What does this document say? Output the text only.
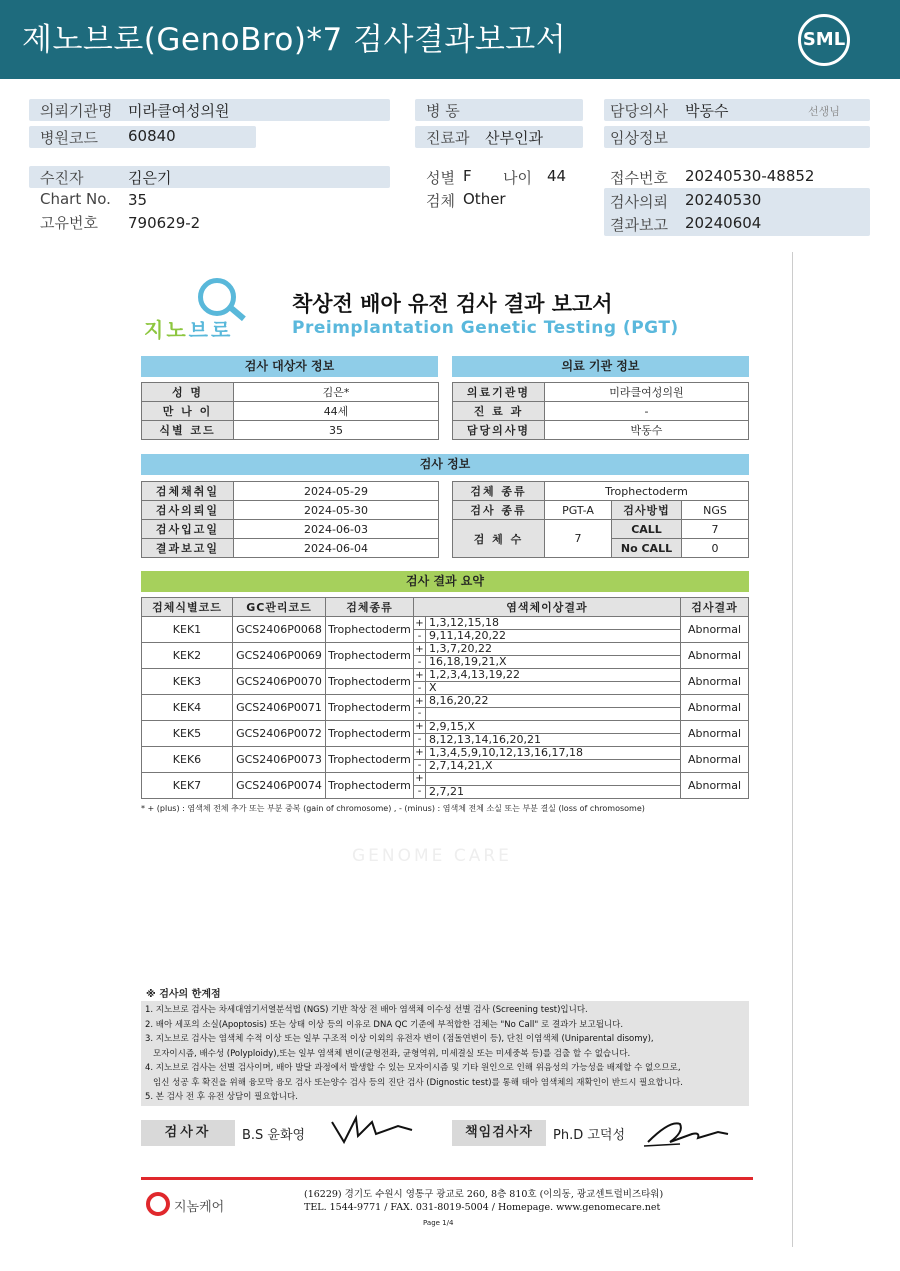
제노브로(GenoBro)*7 검사결과보고서	SML
의뢰기관명 미라클여성의원
병원코드 60840
병 동
진료과 산부인과
담당의사 박동수	선생님
임상정보
수진자	김은기
Chart No. 35
고유번호 790629-2
성별 F 나이 44
검체 Other
접수번호 20240530-48852
검사의뢰 20240530
결과보고 20240604
지노브로
착상전 배아 유전 검사 결과 보고서
Preimplantation Genetic Testing (PGT)
검사 대상자 정보
성 명	김은*
만 나 이	44세
식별 코드	35
의료 기관 정보
의료기관명	미라클여성의원
진 료 과	-
담당의사명	박동수
검사 정보
검체채취일	2024-05-29
검사의뢰일	2024-05-30
검사입고일	2024-06-03
결과보고일	2024-06-04
검체 종류	Trophectoderm		
검사 종류	PGT-A	검사방법	NGS
검 체 수	7	CALL	7
		No CALL	0
검사 결과 요약
검체식별코드	GC관리코드	검체종류	염색체이상결과		검사결과
KEK1	GCS2406P0068	Trophectoderm	+	1,3,12,15,18	Abnormal
			-	9,11,14,20,22	
KEK2	GCS2406P0069	Trophectoderm	+	1,3,7,20,22	Abnormal
			-	16,18,19,21,X	
KEK3	GCS2406P0070	Trophectoderm	+	1,2,3,4,13,19,22	Abnormal
			-	X	
KEK4	GCS2406P0071	Trophectoderm	+	8,16,20,22	Abnormal
			-		
KEK5	GCS2406P0072	Trophectoderm	+	2,9,15,X	Abnormal
			-	8,12,13,14,16,20,21	
KEK6	GCS2406P0073	Trophectoderm	+	1,3,4,5,9,10,12,13,16,17,18	Abnormal
			-	2,7,14,21,X	
KEK7	GCS2406P0074	Trophectoderm	+		Abnormal
			-	2,7,21	
* + (plus) : 염색체 전체 추가 또는 부분 중복 (gain of chromosome) , - (minus) : 염색체 전체 소실 또는 부분 결실 (loss of chromosome)
GENOME CARE
※ 검사의 한계점
1. 지노브로 검사는 차세대염기서열분석법 (NGS) 기반 착상 전 배아 염색체 이수성 선별 검사 (Screening test)입니다.
2. 배아 세포의 소실(Apoptosis) 또는 상태 이상 등의 이유로 DNA QC 기준에 부적합한 검체는 "No Call" 로 결과가 보고됩니다.
3. 지노브로 검사는 염색체 수적 이상 또는 일부 구조적 이상 이외의 유전자 변이 (점돌연변이 등), 단친 이염색체 (Uniparental disomy),
모자이시즘, 배수성 (Polyploidy),또는 일부 염색체 변이(균형전좌, 균형역위, 미세결실 또는 미세중복 등)를 검출 할 수 없습니다.
4. 지노브로 검사는 선별 검사이며, 배아 발달 과정에서 발생할 수 있는 모자이시즘 및 기타 원인으로 인해 위음성의 가능성을 배제할 수 없으므로,
임신 성공 후 확진을 위해 융모막 융모 검사 또는양수 검사 등의 진단 검사 (Dignostic test)를 통해 태아 염색체의 재확인이 반드시 필요합니다.
5. 본 검사 전 후 유전 상담이 필요합니다.
검사자	B.S 윤화영	책임검사자	Ph.D 고덕성
지놈케어
(16229) 경기도 수원시 영통구 광교로 260, 8층 810호 (이의동, 광교센트럴비즈타워)
TEL. 1544-9771 / FAX. 031-8019-5004 / Homepage. www.genomecare.net
Page 1/4
